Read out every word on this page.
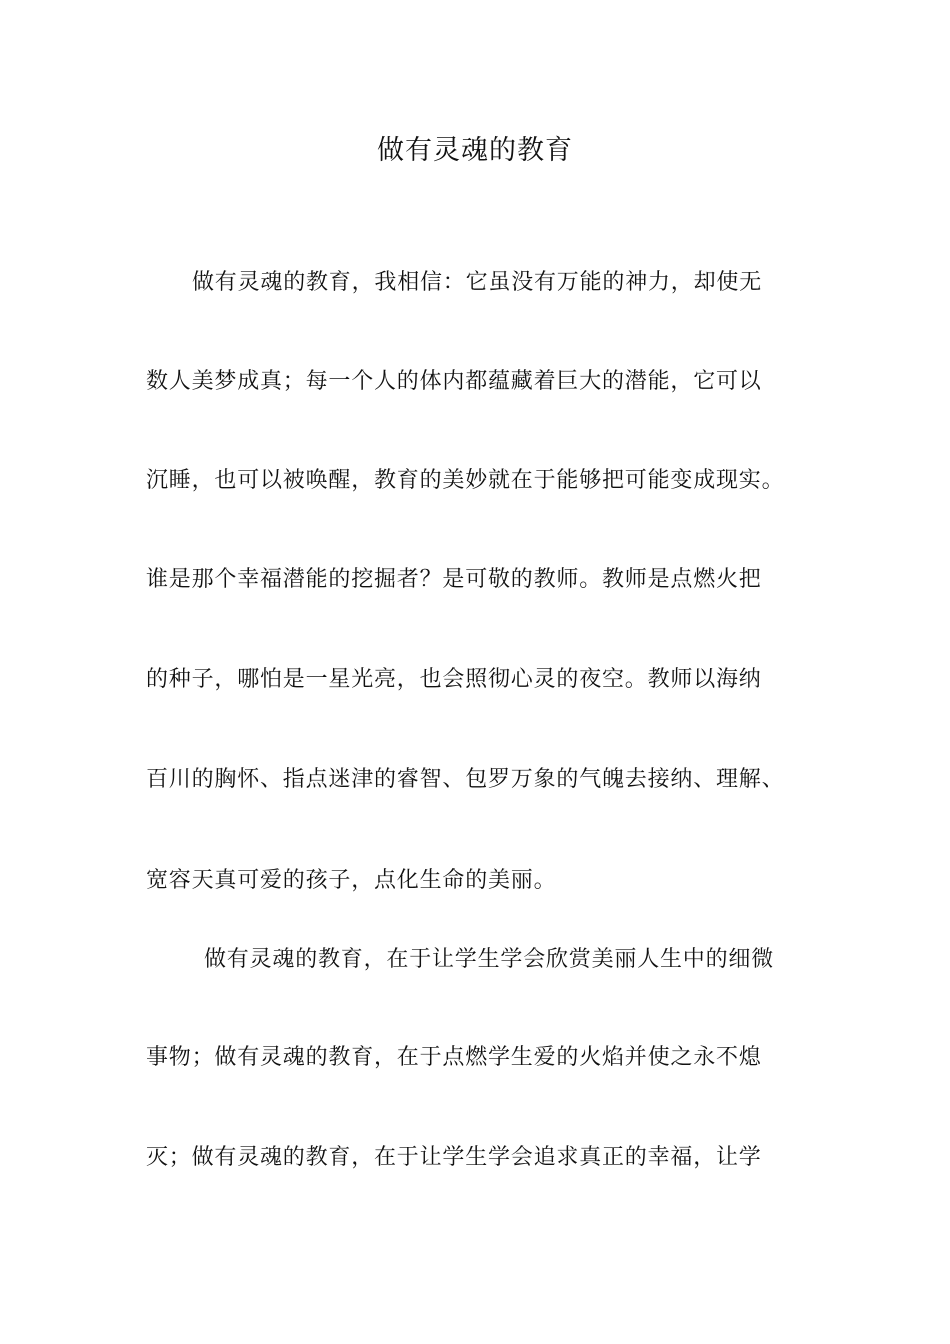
做有灵魂的教育
做有灵魂的教育，我相信：它虽没有万能的神力，却使无
数人美梦成真；每一个人的体内都蕴藏着巨大的潜能，它可以
沉睡，也可以被唤醒，教育的美妙就在于能够把可能变成现实。
谁是那个幸福潜能的挖掘者？是可敬的教师。教师是点燃火把
的种子，哪怕是一星光亮，也会照彻心灵的夜空。教师以海纳
百川的胸怀、指点迷津的睿智、包罗万象的气魄去接纳、理解、
宽容天真可爱的孩子，点化生命的美丽。
做有灵魂的教育，在于让学生学会欣赏美丽人生中的细微
事物；做有灵魂的教育，在于点燃学生爱的火焰并使之永不熄
灭；做有灵魂的教育，在于让学生学会追求真正的幸福，让学
